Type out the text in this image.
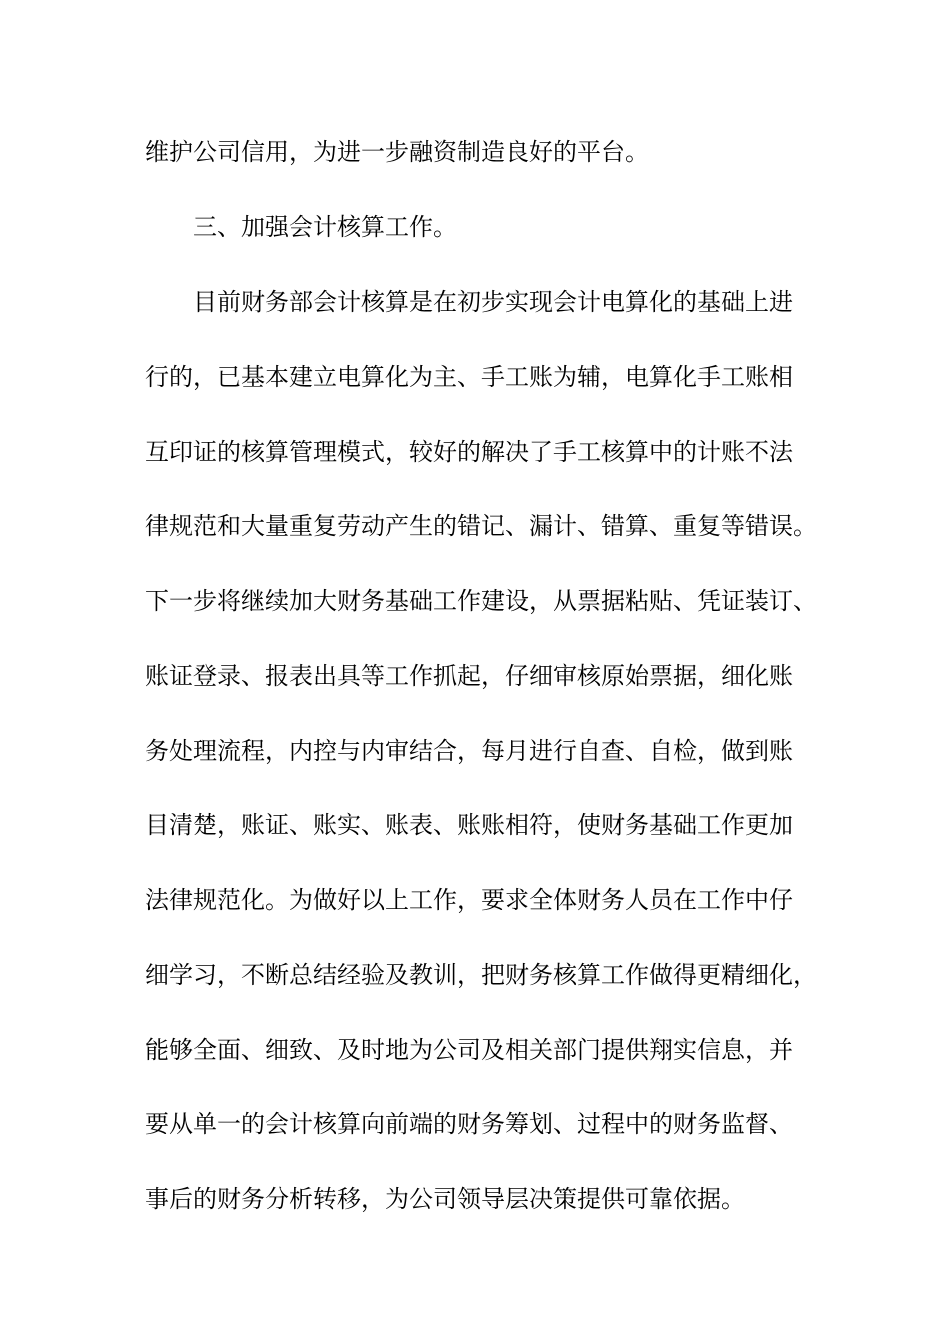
维护公司信用，为进一步融资制造良好的平台。
三、加强会计核算工作。
目前财务部会计核算是在初步实现会计电算化的基础上进
行的，已基本建立电算化为主、手工账为辅，电算化手工账相
互印证的核算管理模式，较好的解决了手工核算中的计账不法
律规范和大量重复劳动产生的错记、漏计、错算、重复等错误。
下一步将继续加大财务基础工作建设，从票据粘贴、凭证装订、
账证登录、报表出具等工作抓起，仔细审核原始票据，细化账
务处理流程，内控与内审结合，每月进行自查、自检，做到账
目清楚，账证、账实、账表、账账相符，使财务基础工作更加
法律规范化。为做好以上工作，要求全体财务人员在工作中仔
细学习，不断总结经验及教训，把财务核算工作做得更精细化，
能够全面、细致、及时地为公司及相关部门提供翔实信息，并
要从单一的会计核算向前端的财务筹划、过程中的财务监督、
事后的财务分析转移，为公司领导层决策提供可靠依据。
